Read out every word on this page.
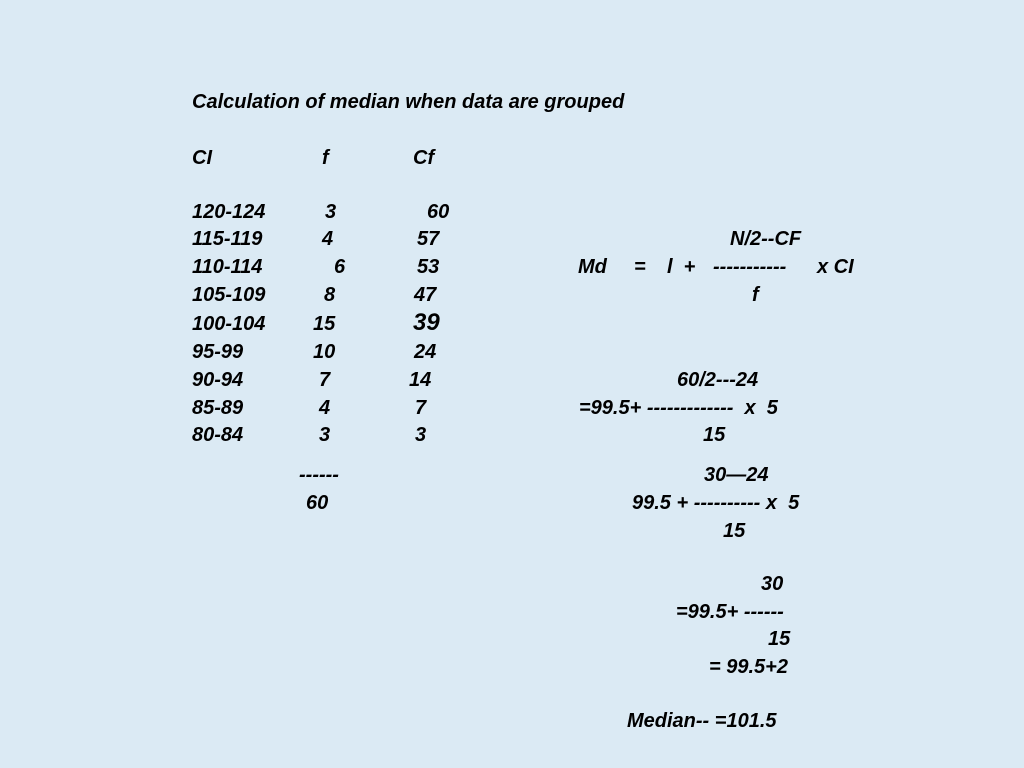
Calculation of median when data are grouped
CI	f	Cf
120-124	3	60
115-119	4	57
110-114	6	53
105-109	8	47
100-104 15	39
95-99	10	24
90-94	7	14
85-89	4	7
80-84	3	3
------
60
N/2--CF
Md = l  + ----------- x CI
f
60/2---24
=99.5+ -------------  x  5
15
30—24
99.5 + ---------- x  5
15
30
=99.5+ ------
15
= 99.5+2
Median-- =101.5
